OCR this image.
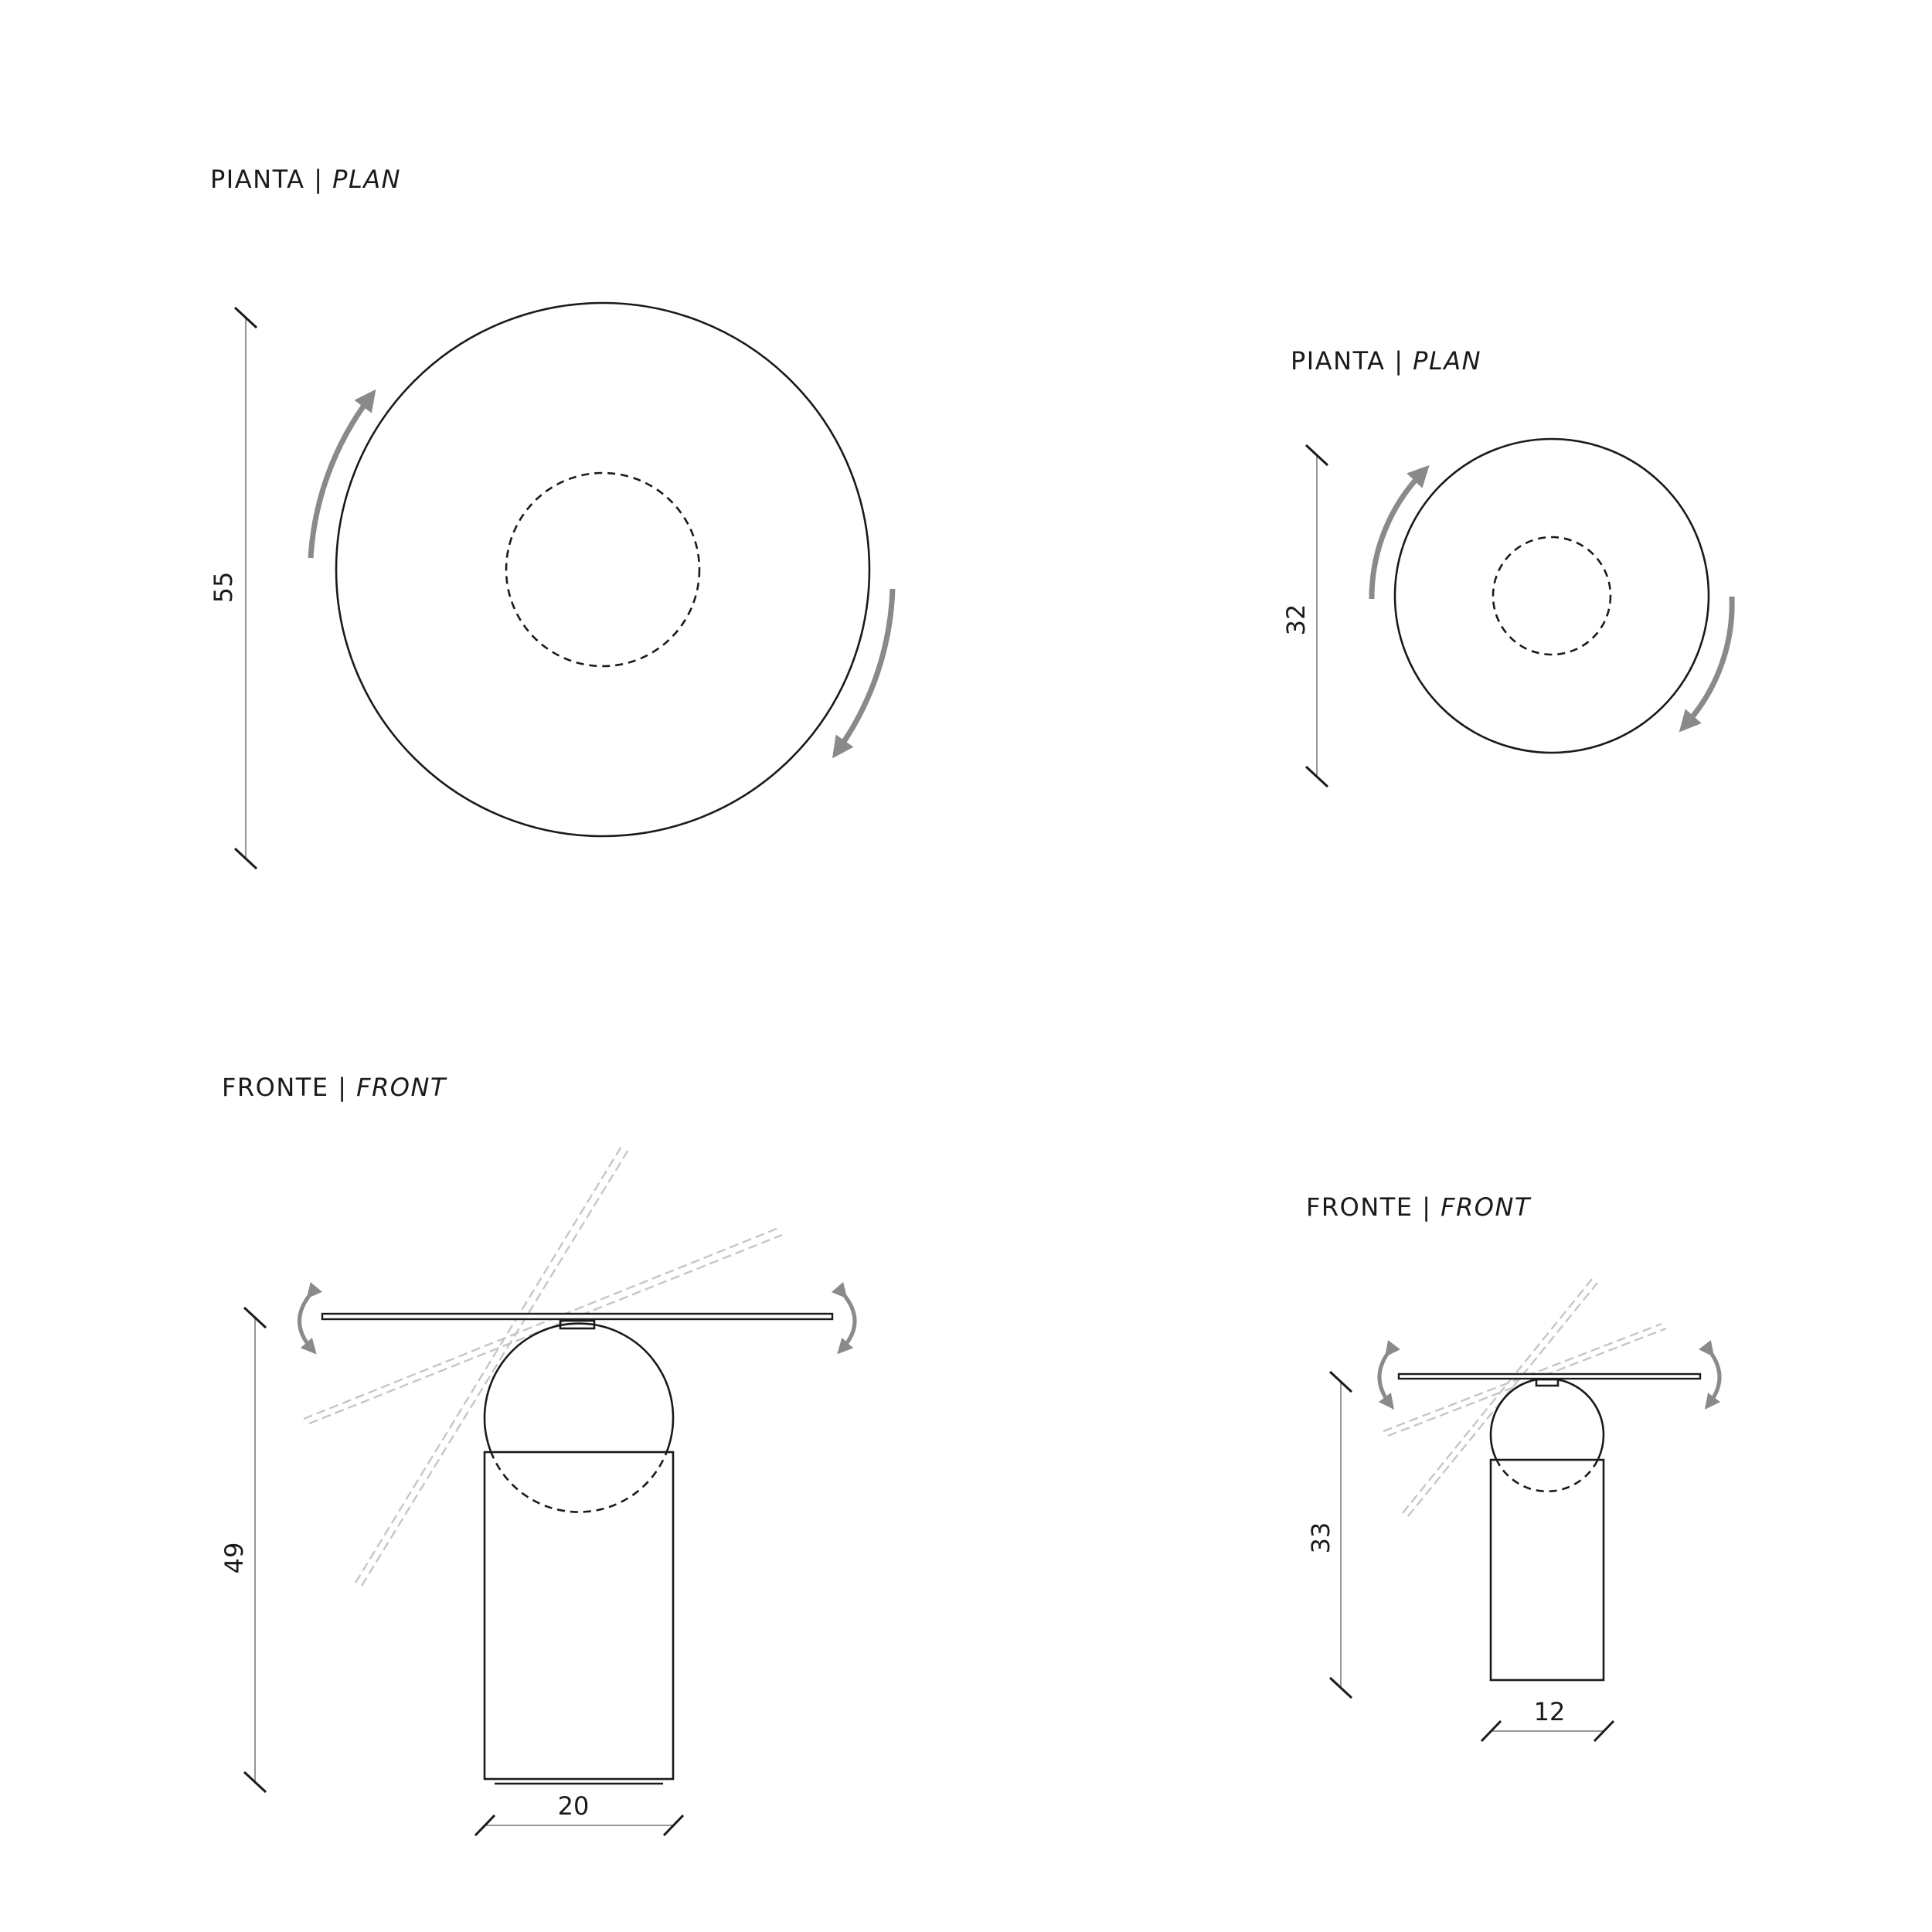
PIANTA | PLAN
55
PIANTA | PLAN
32
FRONTE | FRONT
49
20
FRONTE | FRONT
33
12
